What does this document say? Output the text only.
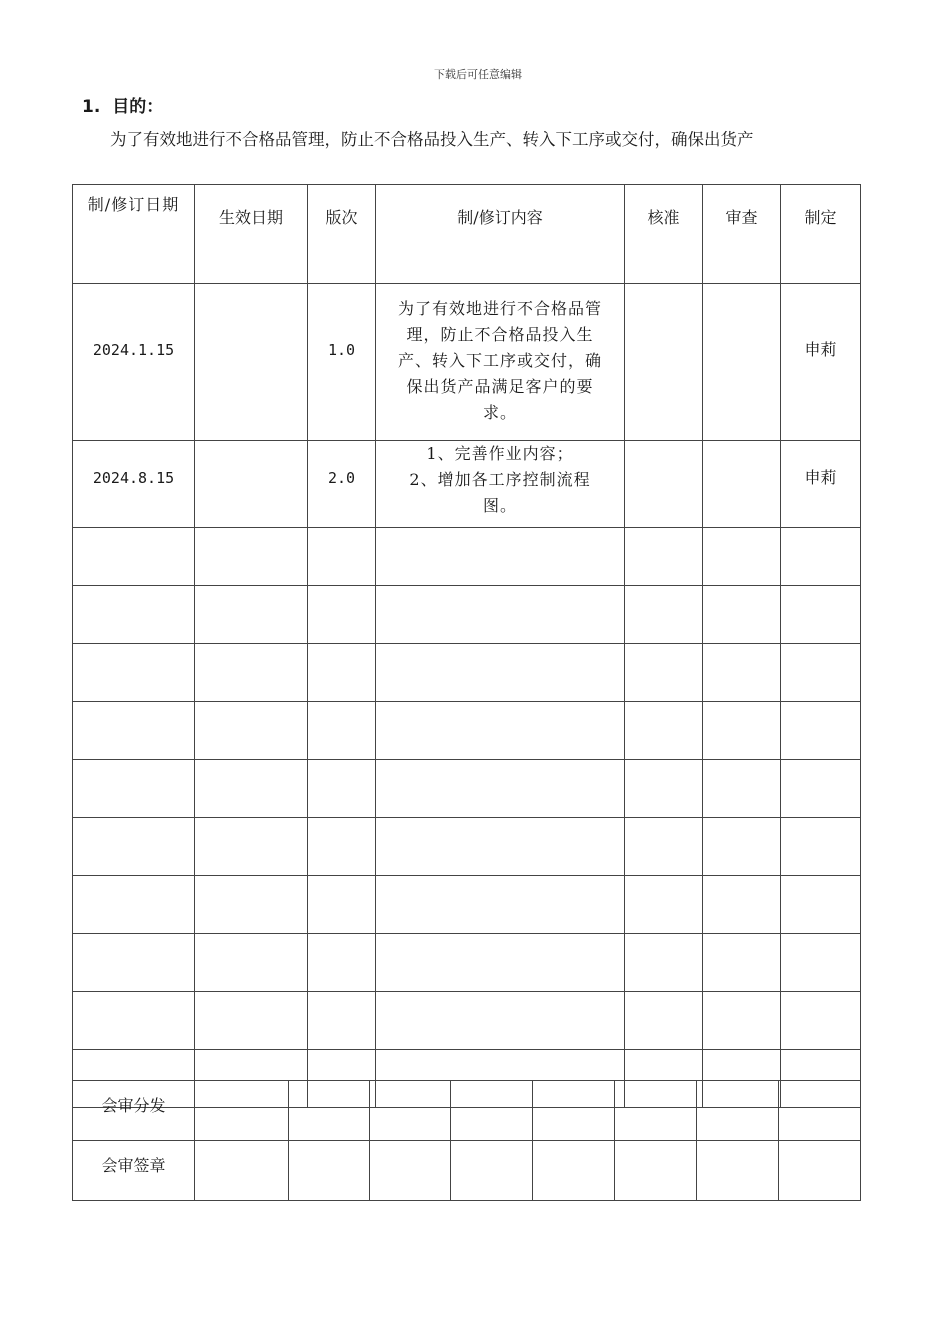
下载后可任意编辑
1. 目的：
为了有效地进行不合格品管理，防止不合格品投入生产、转入下工序或交付，确保出货产
制/修订日期	生效日期	版次	制/修订内容	核准	审查	制定

2024.1.15		1.0	为了有效地进行不合格品管
理，防止不合格品投入生
产、转入下工序或交付，确
保出货产品满足客户的要
求。			申莉

2024.8.15		2.0	1、完善作业内容；
2、增加各工序控制流程
图。			申莉

会审分发								
会审签章								
